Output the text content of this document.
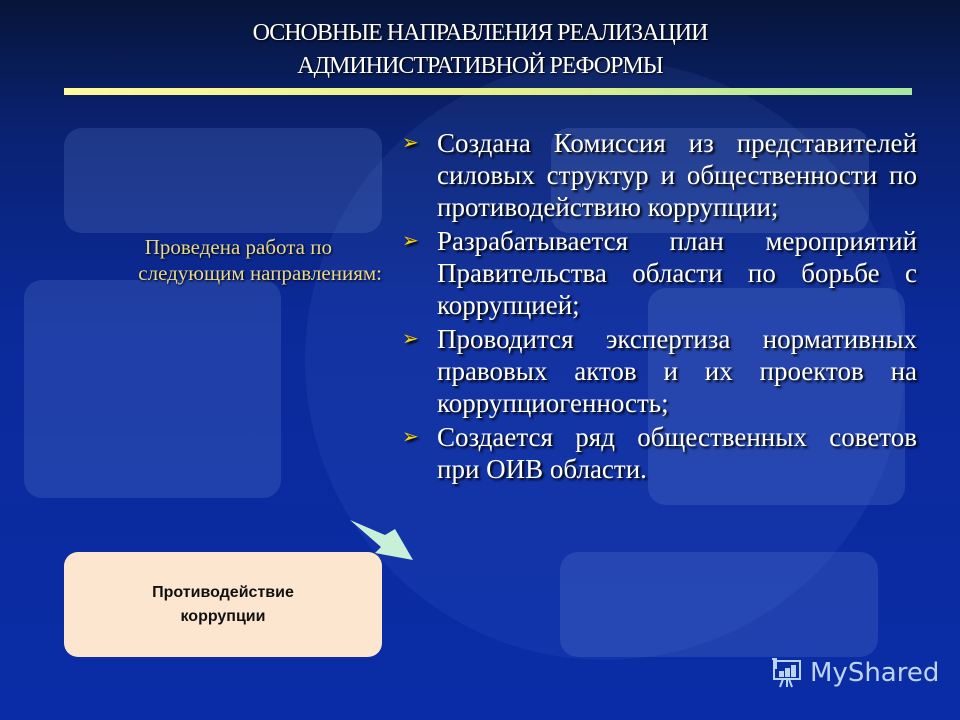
ОСНОВНЫЕ НАПРАВЛЕНИЯ РЕАЛИЗАЦИИ
АДМИНИСТРАТИВНОЙ РЕФОРМЫ
Проведена работа по
следующим направлениям:
➢ Создана Комиссия из представителей силовых структур и общественности по противодействию коррупции;
➢ Разрабатывается план мероприятий Правительства области по борьбе с коррупцией;
➢ Проводится экспертиза нормативных правовых актов и их проектов на коррупциогенность;
➢ Создается ряд общественных советов при ОИВ области.
Противодействие
коррупции
MyShared
